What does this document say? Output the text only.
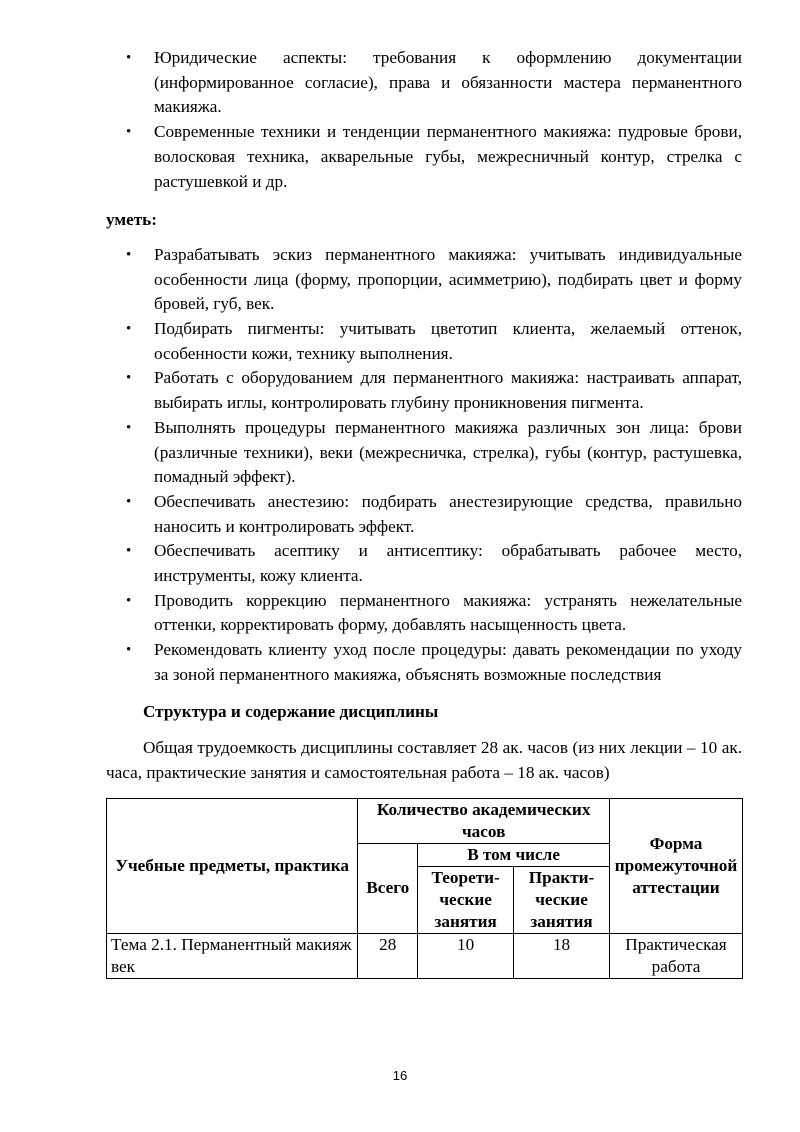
• Юридические аспекты: требования к оформлению документации (информированное согласие), права и обязанности мастера перманентного макияжа.
• Современные техники и тенденции перманентного макияжа: пудровые брови, волосковая техника, акварельные губы, межресничный контур, стрелка с растушевкой и др.
уметь:
• Разрабатывать эскиз перманентного макияжа: учитывать индивидуальные особенности лица (форму, пропорции, асимметрию), подбирать цвет и форму бровей, губ, век.
• Подбирать пигменты: учитывать цветотип клиента, желаемый оттенок, особенности кожи, технику выполнения.
• Работать с оборудованием для перманентного макияжа: настраивать аппарат, выбирать иглы, контролировать глубину проникновения пигмента.
• Выполнять процедуры перманентного макияжа различных зон лица: брови (различные техники), веки (межресничка, стрелка), губы (контур, растушевка, помадный эффект).
• Обеспечивать анестезию: подбирать анестезирующие средства, правильно наносить и контролировать эффект.
• Обеспечивать асептику и антисептику: обрабатывать рабочее место, инструменты, кожу клиента.
• Проводить коррекцию перманентного макияжа: устранять нежелательные оттенки, корректировать форму, добавлять насыщенность цвета.
• Рекомендовать клиенту уход после процедуры: давать рекомендации по уходу за зоной перманентного макияжа, объяснять возможные последствия
Структура и содержание дисциплины

Общая трудоемкость дисциплины составляет 28 ак. часов (из них лекции – 10 ак. часа, практические занятия и самостоятельная работа – 18 ак. часов)

Учебные предметы, практика	Количество академических часов			Форма промежуточной аттестации
	Всего	В том числе		
		Теорети-ческие занятия	Практи-ческие занятия	
Тема 2.1. Перманентный макияж век	28	10	18	Практическая работа
16
